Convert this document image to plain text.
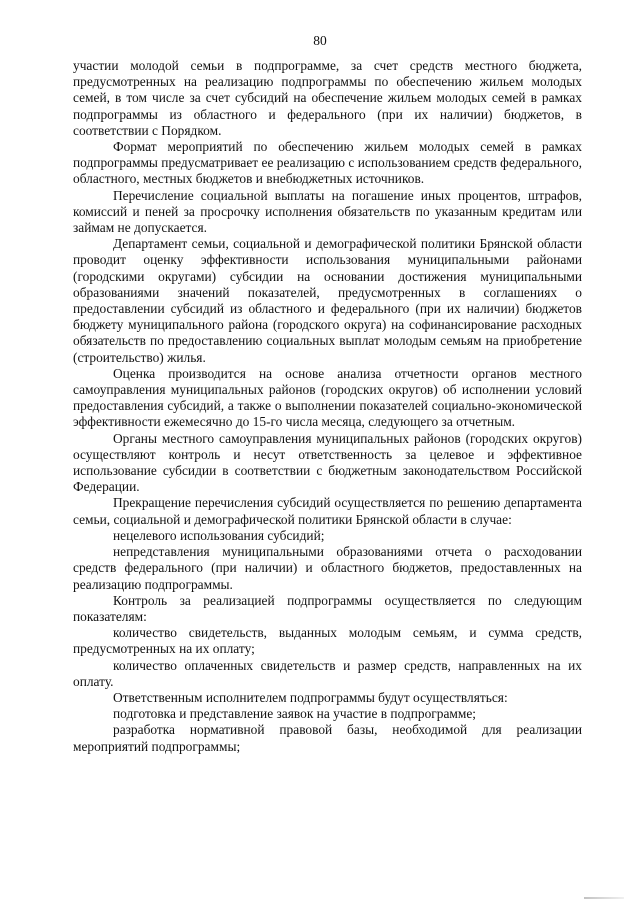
80

участии молодой семьи в подпрограмме, за счет средств местного бюджета, предусмотренных на реализацию подпрограммы по обеспечению жильем молодых семей, в том числе за счет субсидий на обеспечение жильем молодых семей в рамках подпрограммы из областного и федерального (при их наличии) бюджетов, в соответствии с Порядком.

Формат мероприятий по обеспечению жильем молодых семей в рамках подпрограммы предусматривает ее реализацию с использованием средств федерального, областного, местных бюджетов и внебюджетных источников.

Перечисление социальной выплаты на погашение иных процентов, штрафов, комиссий и пеней за просрочку исполнения обязательств по указанным кредитам или займам не допускается.

Департамент семьи, социальной и демографической политики Брянской области проводит оценку эффективности использования муниципальными районами (городскими округами) субсидии на основании достижения муниципальными образованиями значений показателей, предусмотренных в соглашениях о предоставлении субсидий из областного и федерального (при их наличии) бюджетов бюджету муниципального района (городского округа) на софинансирование расходных обязательств по предоставлению социальных выплат молодым семьям на приобретение (строительство) жилья.

Оценка производится на основе анализа отчетности органов местного самоуправления муниципальных районов (городских округов) об исполнении условий предоставления субсидий, а также о выполнении показателей социально-экономической эффективности ежемесячно до 15-го числа месяца, следующего за отчетным.

Органы местного самоуправления муниципальных районов (городских округов) осуществляют контроль и несут ответственность за целевое и эффективное использование субсидии в соответствии с бюджетным законодательством Российской Федерации.

Прекращение перечисления субсидий осуществляется по решению департамента семьи, социальной и демографической политики Брянской области в случае:

нецелевого использования субсидий;

непредставления муниципальными образованиями отчета о расходовании средств федерального (при наличии) и областного бюджетов, предоставленных на реализацию подпрограммы.

Контроль за реализацией подпрограммы осуществляется по следующим показателям:

количество свидетельств, выданных молодым семьям, и сумма средств, предусмотренных на их оплату;

количество оплаченных свидетельств и размер средств, направленных на их оплату.

Ответственным исполнителем подпрограммы будут осуществляться:

подготовка и представление заявок на участие в подпрограмме;

разработка нормативной правовой базы, необходимой для реализации мероприятий подпрограммы;
